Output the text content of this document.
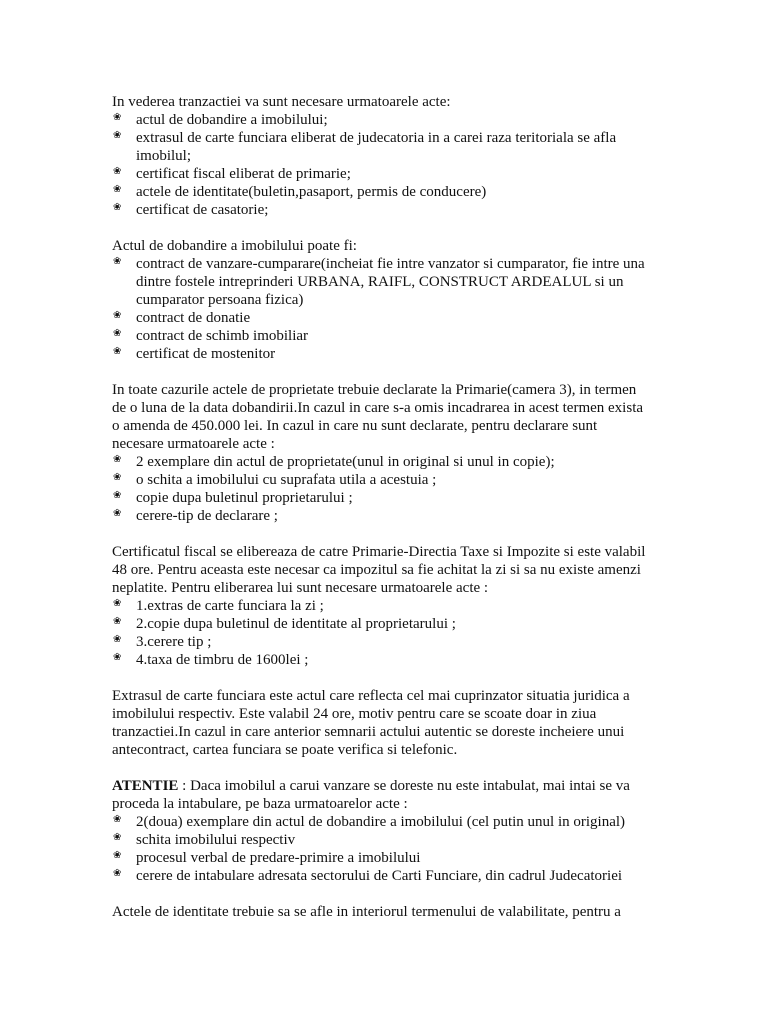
In vederea tranzactiei va sunt necesare urmatoarele acte:

❀ actul de dobandire a imobilului;
❀ extrasul de carte funciara eliberat de judecatoria in a carei raza teritoriala se afla imobilul;
❀ certificat fiscal eliberat de primarie;
❀ actele de identitate(buletin,pasaport, permis de conducere)
❀ certificat de casatorie;

Actul de dobandire a imobilului poate fi:

❀ contract de vanzare-cumparare(incheiat fie intre vanzator si cumparator, fie intre una dintre fostele intreprinderi URBANA, RAIFL, CONSTRUCT ARDEALUL si un cumparator persoana fizica)
❀ contract de donatie
❀ contract de schimb imobiliar
❀ certificat de mostenitor

In toate cazurile actele de proprietate trebuie declarate la Primarie(camera 3), in termen de o luna de la data dobandirii.In cazul in care s-a omis incadrarea in acest termen exista o amenda de 450.000 lei. In cazul in care nu sunt declarate, pentru declarare sunt necesare urmatoarele acte :

❀ 2 exemplare din actul de proprietate(unul in original si unul in copie);
❀ o schita a imobilului cu suprafata utila a acestuia ;
❀ copie dupa buletinul proprietarului ;
❀ cerere-tip de declarare ;

Certificatul fiscal se elibereaza de catre Primarie-Directia Taxe si Impozite si este valabil 48 ore. Pentru aceasta este necesar ca impozitul sa fie achitat la zi si sa nu existe amenzi neplatite. Pentru eliberarea lui sunt necesare urmatoarele acte :

❀ 1.extras de carte funciara la zi ;
❀ 2.copie dupa buletinul de identitate al proprietarului ;
❀ 3.cerere tip ;
❀ 4.taxa de timbru de 1600lei ;

Extrasul de carte funciara este actul care reflecta cel mai cuprinzator situatia juridica a imobilului respectiv. Este valabil 24 ore, motiv pentru care se scoate doar in ziua tranzactiei.In cazul in care anterior semnarii actului autentic se doreste incheiere unui antecontract, cartea funciara se poate verifica si telefonic.

ATENTIE : Daca imobilul a carui vanzare se doreste nu este intabulat, mai intai se va proceda la intabulare, pe baza urmatoarelor acte :

❀ 2(doua) exemplare din actul de dobandire a imobilului (cel putin unul in original)
❀ schita imobilului respectiv
❀ procesul verbal de predare-primire a imobilului
❀ cerere de intabulare adresata sectorului de Carti Funciare, din cadrul Judecatoriei

Actele de identitate trebuie sa se afle in interiorul termenului de valabilitate, pentru a
